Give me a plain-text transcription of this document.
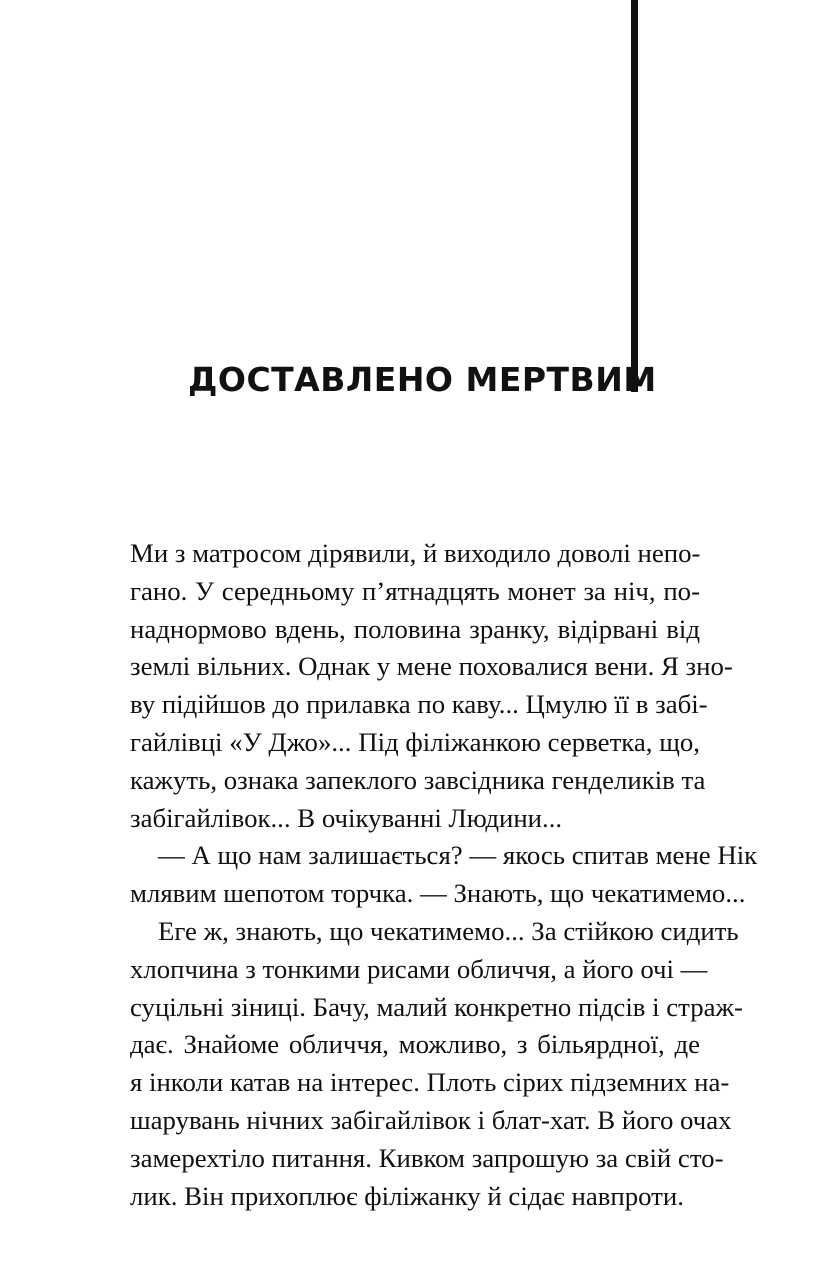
ДОСТАВЛЕНО МЕРТВИМ
Ми з матросом дірявили, й виходило доволі непо-
гано. У середньому п’ятнадцять монет за ніч, по-
наднормово вдень, половина зранку, відірвані від
землі вільних. Однак у мене поховалися вени. Я зно-
ву підійшов до прилавка по каву... Цмулю її в забі-
гайлівці «У Джо»... Під філіжанкою серветка, що,
кажуть, ознака запеклого завсідника генделиків та
забігайлівок... В очікуванні Людини...
— А що нам залишається? — якось спитав мене Нік
млявим шепотом торчка. — Знають, що чекатимемо...
Еге ж, знають, що чекатимемо... За стійкою сидить
хлопчина з тонкими рисами обличчя, а його очі —
суцільні зіниці. Бачу, малий конкретно підсів і страж-
дає. Знайоме обличчя, можливо, з більярдної, де
я інколи катав на інтерес. Плоть сірих підземних на-
шарувань нічних забігайлівок і блат-хат. В його очах
замерехтіло питання. Кивком запрошую за свій сто-
лик. Він прихоплює філіжанку й сідає навпроти.
